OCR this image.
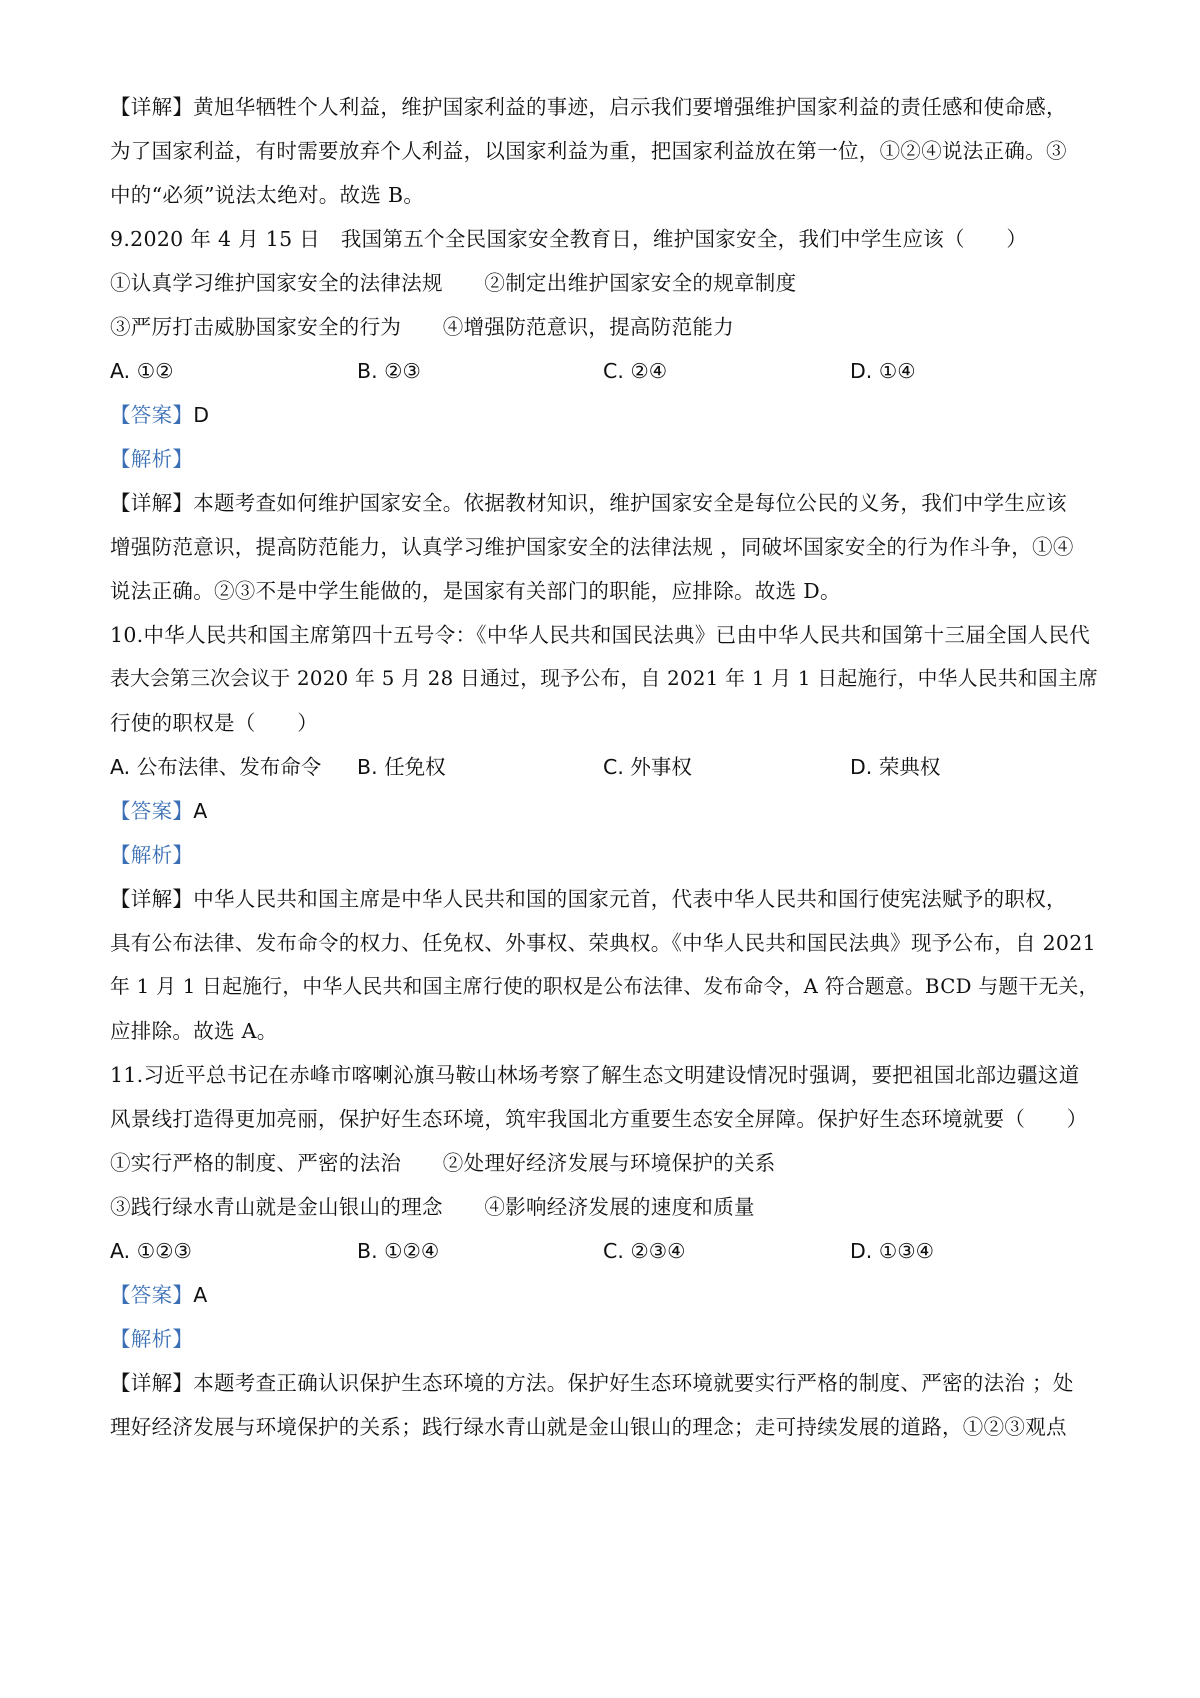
【详解】黄旭华牺牲个人利益，维护国家利益的事迹，启示我们要增强维护国家利益的责任感和使命感，
为了国家利益，有时需要放弃个人利益，以国家利益为重，把国家利益放在第一位，①②④说法正确。③
中的“必须”说法太绝对。故选 B。
9.2020 年 4 月 15 日　我国第五个全民国家安全教育日，维护国家安全，我们中学生应该（　　）
①认真学习维护国家安全的法律法规　　②制定出维护国家安全的规章制度
③严厉打击威胁国家安全的行为　　④增强防范意识，提高防范能力
A. ①②	B. ②③	C. ②④	D. ①④
【答案】D
【解析】
【详解】本题考查如何维护国家安全。依据教材知识，维护国家安全是每位公民的义务，我们中学生应该
增强防范意识，提高防范能力，认真学习维护国家安全的法律法规 ，同破坏国家安全的行为作斗争，①④
说法正确。②③不是中学生能做的，是国家有关部门的职能，应排除。故选 D。
10.中华人民共和国主席第四十五号令：《中华人民共和国民法典》已由中华人民共和国第十三届全国人民代
表大会第三次会议于 2020 年 5 月 28 日通过，现予公布，自 2021 年 1 月 1 日起施行，中华人民共和国主席
行使的职权是（　　）
A. 公布法律、发布命令 B. 任免权	C. 外事权	D. 荣典权
【答案】A
【解析】
【详解】中华人民共和国主席是中华人民共和国的国家元首，代表中华人民共和国行使宪法赋予的职权，
具有公布法律、发布命令的权力、任免权、外事权、荣典权。《中华人民共和国民法典》现予公布，自 2021
年 1 月 1 日起施行，中华人民共和国主席行使的职权是公布法律、发布命令，A 符合题意。BCD 与题干无关，
应排除。故选 A。
11.习近平总书记在赤峰市喀喇沁旗马鞍山林场考察了解生态文明建设情况时强调，要把祖国北部边疆这道
风景线打造得更加亮丽，保护好生态环境，筑牢我国北方重要生态安全屏障。保护好生态环境就要（　　）
①实行严格的制度、严密的法治　　②处理好经济发展与环境保护的关系
③践行绿水青山就是金山银山的理念　　④影响经济发展的速度和质量
A. ①②③	B. ①②④	C. ②③④	D. ①③④
【答案】A
【解析】
【详解】本题考查正确认识保护生态环境的方法。保护好生态环境就要实行严格的制度、严密的法治 ；处
理好经济发展与环境保护的关系；践行绿水青山就是金山银山的理念；走可持续发展的道路，①②③观点
